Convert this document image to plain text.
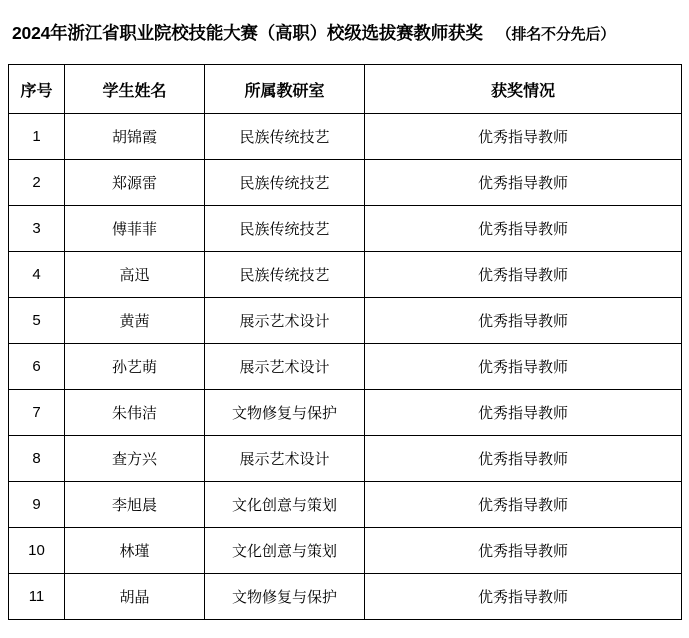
2024年浙江省职业院校技能大赛（高职）校级选拔赛教师获奖 （排名不分先后）
序号	学生姓名	所属教研室	获奖情况
1	胡锦霞	民族传统技艺	优秀指导教师
2	郑源雷	民族传统技艺	优秀指导教师
3	傅菲菲	民族传统技艺	优秀指导教师
4	高迅	民族传统技艺	优秀指导教师
5	黄茜	展示艺术设计	优秀指导教师
6	孙艺萌	展示艺术设计	优秀指导教师
7	朱伟洁	文物修复与保护	优秀指导教师
8	查方兴	展示艺术设计	优秀指导教师
9	李旭晨	文化创意与策划	优秀指导教师
10	林瑾	文化创意与策划	优秀指导教师
11	胡晶	文物修复与保护	优秀指导教师
